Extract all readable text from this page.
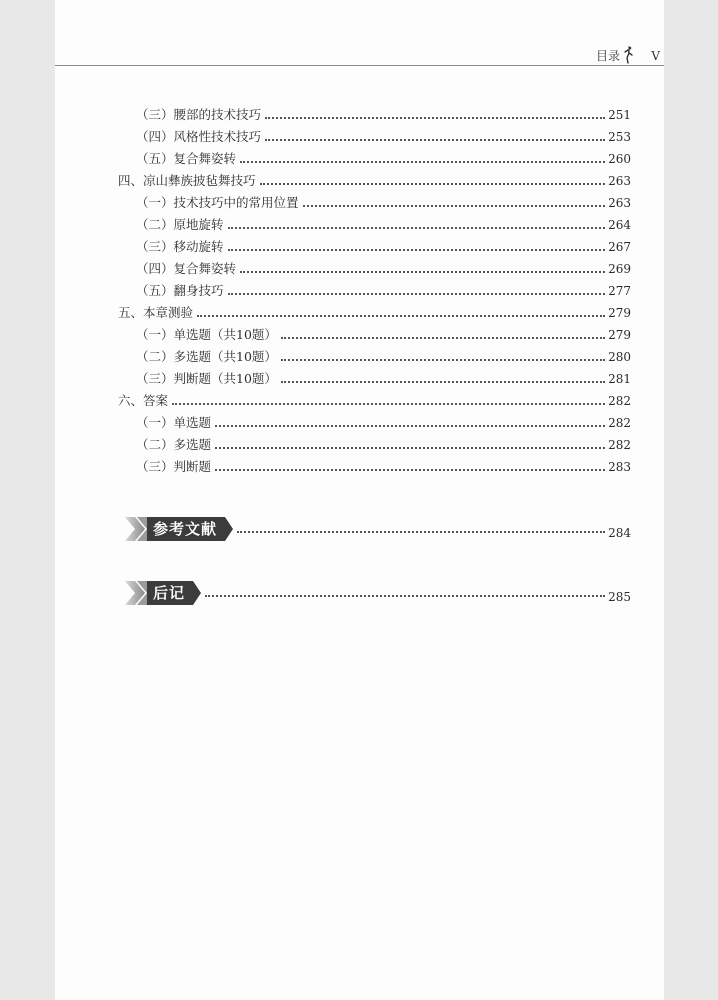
目录	V
（三）腰部的技术技巧	251
（四）风格性技术技巧	253
（五）复合舞姿转	260
四、凉山彝族披毡舞技巧	263
（一）技术技巧中的常用位置	263
（二）原地旋转	264
（三）移动旋转	267
（四）复合舞姿转	269
（五）翻身技巧	277
五、本章测验	279
（一）单选题（共10题）	279
（二）多选题（共10题）	280
（三）判断题（共10题）	281
六、答案	282
（一）单选题	282
（二）多选题	282
（三）判断题	283
参考文献	284
后记	285
